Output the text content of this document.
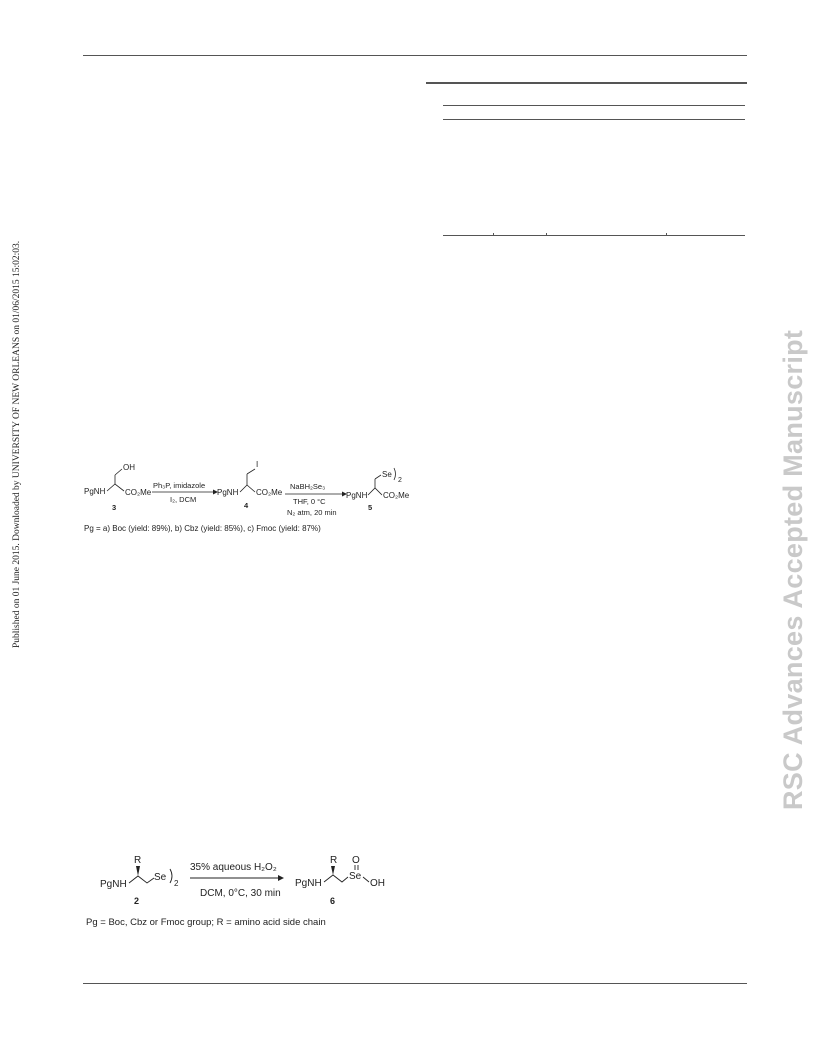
Published on 01 June 2015. Downloaded by UNIVERSITY OF NEW ORLEANS on 01/06/2015 15:02:03.	RSC Advances Accepted Manuscript
PgNH
OH
CO₂Me
3
Ph₃P, imidazole
I₂, DCM
PgNH
I
CO₂Me
4
NaBH₂Se₃
THF, 0 °C
N₂ atm, 20 min
PgNH
Se
2
CO₂Me
5
Pg = a) Boc (yield: 89%), b) Cbz (yield: 85%), c) Fmoc (yield: 87%)
R
PgNH
Se
2
2
35% aqueous H₂O₂
DCM, 0°C, 30 min
R
PgNH
O
Se
OH
6
Pg = Boc, Cbz or Fmoc group; R = amino acid side chain
